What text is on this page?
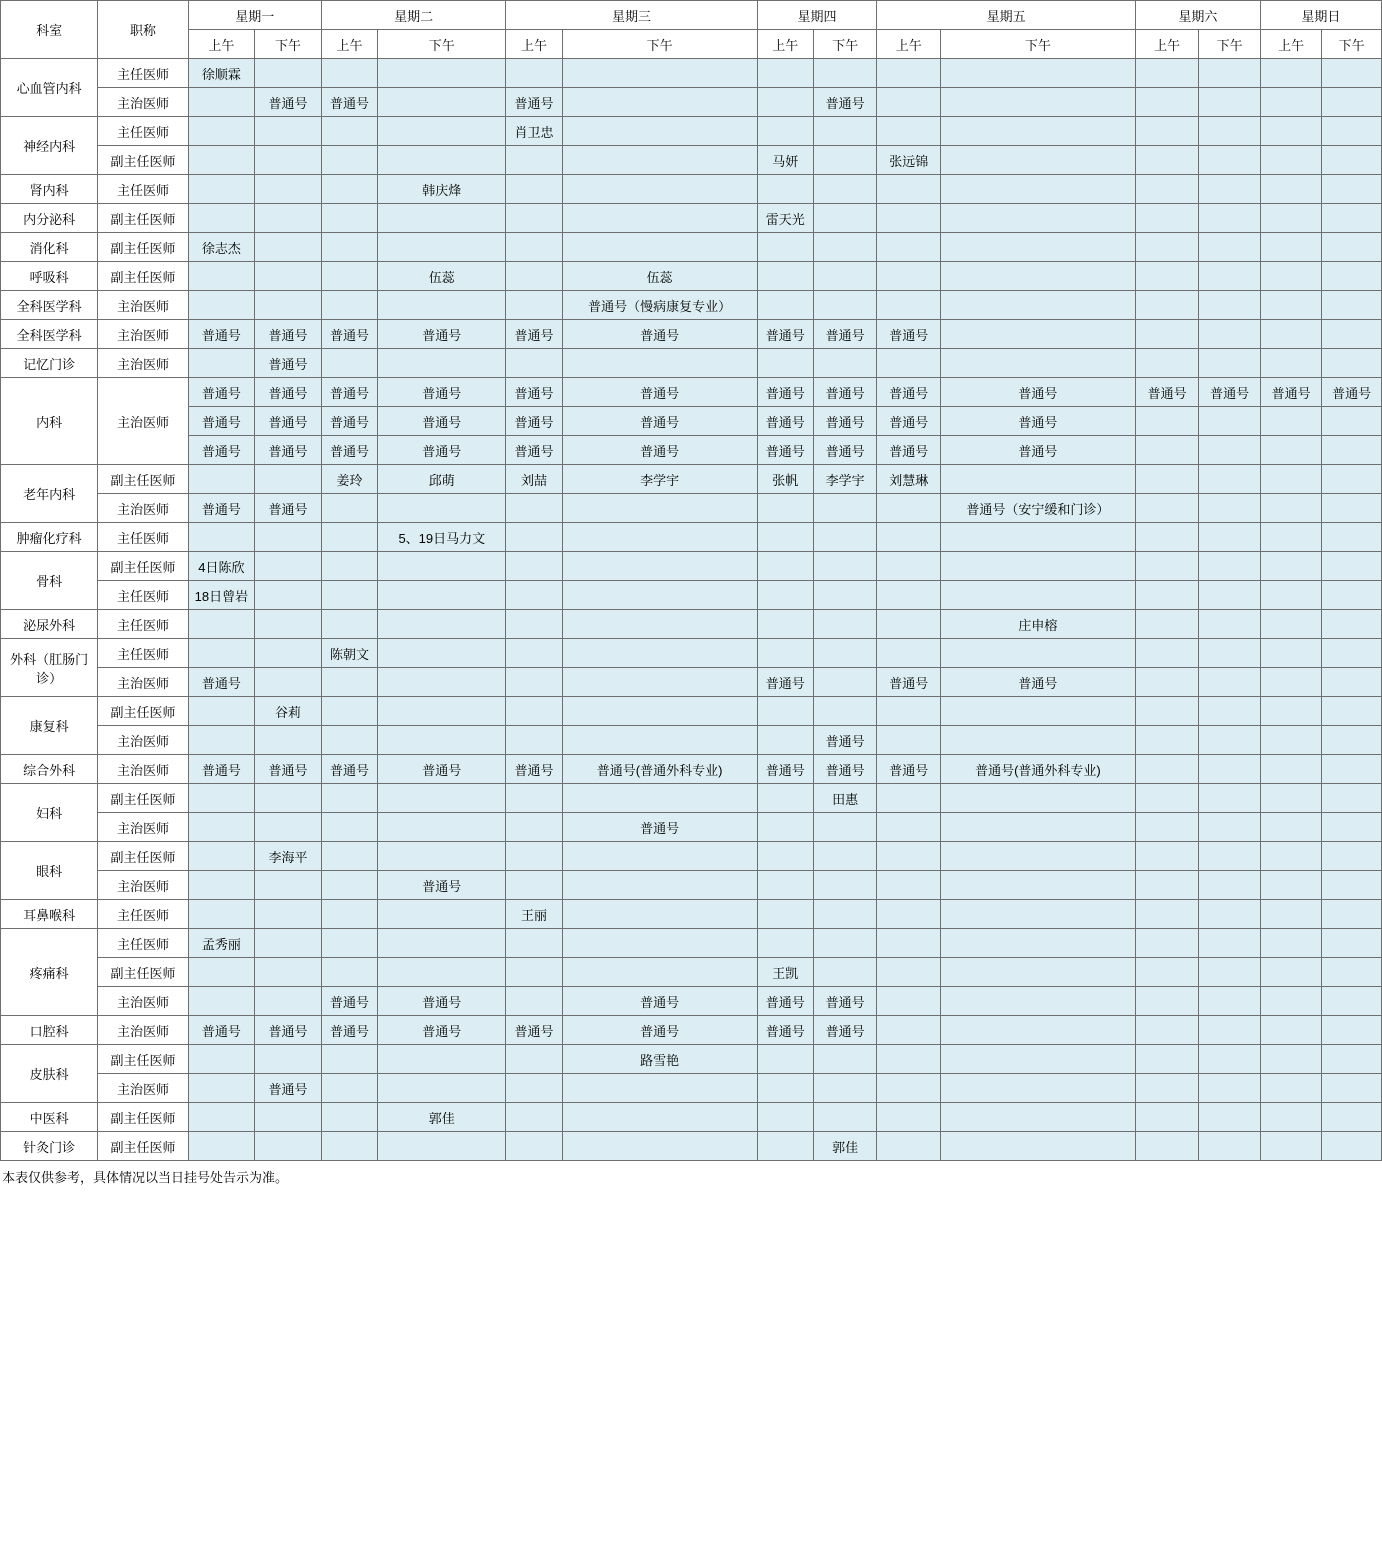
科室	职称	星期一		星期二		星期三		星期四		星期五		星期六		星期日	
		上午	下午	上午	下午	上午	下午	上午	下午	上午	下午	上午	下午	上午	下午
心血管内科	主任医师	徐顺霖													
	主治医师		普通号	普通号		普通号			普通号						
神经内科	主任医师					肖卫忠									
	副主任医师							马妍		张远锦					
肾内科	主任医师				韩庆烽										
内分泌科	副主任医师							雷天光							
消化科	副主任医师	徐志杰													
呼吸科	副主任医师				伍蕊		伍蕊								
全科医学科	主治医师						普通号（慢病康复专业）								
全科医学科	主治医师	普通号	普通号	普通号	普通号	普通号	普通号	普通号	普通号	普通号					
记忆门诊	主治医师		普通号												
内科	主治医师	普通号	普通号	普通号	普通号	普通号	普通号	普通号	普通号	普通号	普通号	普通号	普通号	普通号	普通号
		普通号	普通号	普通号	普通号	普通号	普通号	普通号	普通号	普通号	普通号				
		普通号	普通号	普通号	普通号	普通号	普通号	普通号	普通号	普通号	普通号				
老年内科	副主任医师			姜玲	邱萌	刘喆	李学宇	张帆	李学宇	刘慧琳					
	主治医师	普通号	普通号								普通号（安宁缓和门诊）				
肿瘤化疗科	主任医师				5、19日马力文										
骨科	副主任医师	4日陈欣													
	主任医师	18日曾岩													
泌尿外科	主任医师										庄申榕				
外科（肛肠门诊）	主任医师			陈朝文											
	主治医师	普通号						普通号		普通号	普通号				
康复科	副主任医师		谷莉												
	主治医师								普通号						
综合外科	主治医师	普通号	普通号	普通号	普通号	普通号	普通号(普通外科专业)	普通号	普通号	普通号	普通号(普通外科专业)				
妇科	副主任医师								田惠						
	主治医师						普通号								
眼科	副主任医师		李海平												
	主治医师				普通号										
耳鼻喉科	主任医师					王丽									
疼痛科	主任医师	孟秀丽													
	副主任医师							王凯							
	主治医师			普通号	普通号		普通号	普通号	普通号						
口腔科	主治医师	普通号	普通号	普通号	普通号	普通号	普通号	普通号	普通号						
皮肤科	副主任医师						路雪艳								
	主治医师		普通号												
中医科	副主任医师				郭佳										
针灸门诊	副主任医师								郭佳						
本表仅供参考，具体情况以当日挂号处告示为准。
